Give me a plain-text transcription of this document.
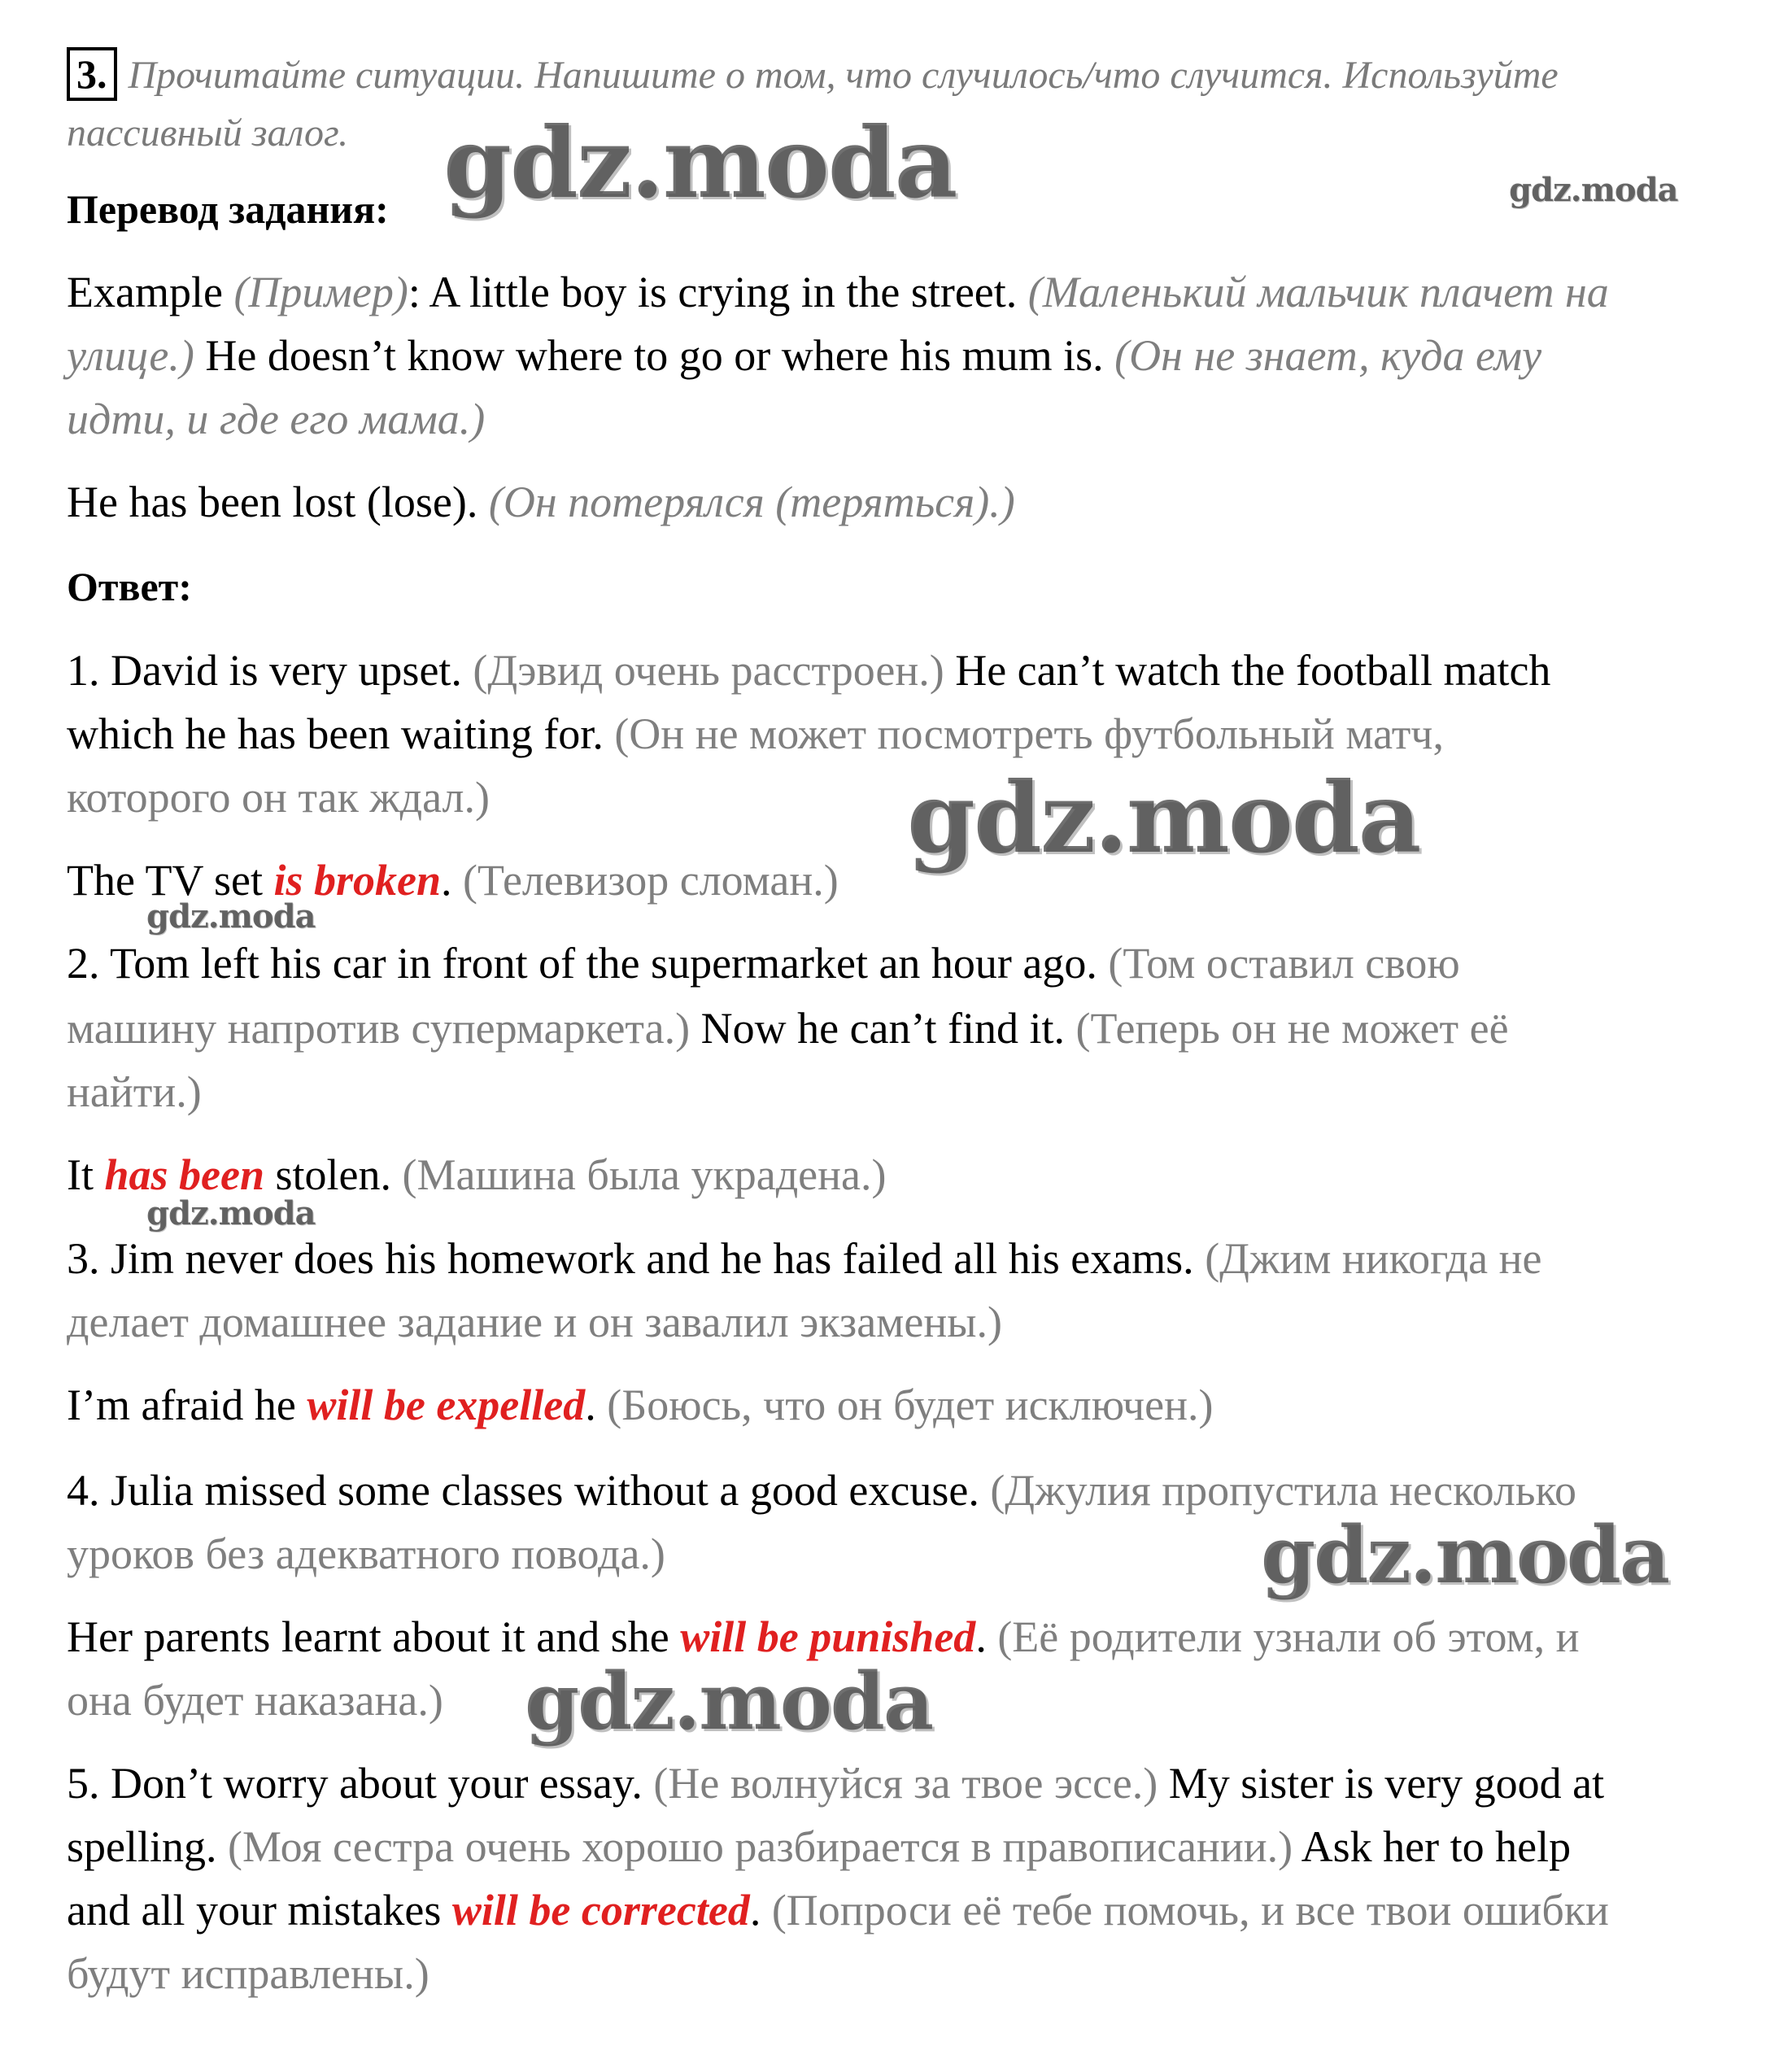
3. Прочитайте ситуации. Напишите о том, что случилось/что случится. Используйте
пассивный залог.
Перевод задания:
Example (Пример): A little boy is crying in the street. (Маленький мальчик плачет на
улице.) He doesn’t know where to go or where his mum is. (Он не знает, куда ему
идти, и где его мама.)
He has been lost (lose). (Он потерялся (теряться).)
Ответ:
1. David is very upset. (Дэвид очень расстроен.) He can’t watch the football match
which he has been waiting for. (Он не может посмотреть футбольный матч,
которого он так ждал.)
The TV set is broken. (Телевизор сломан.)
2. Tom left his car in front of the supermarket an hour ago. (Том оставил свою
машину напротив супермаркета.) Now he can’t find it. (Теперь он не может её
найти.)
It has been stolen. (Машина была украдена.)
3. Jim never does his homework and he has failed all his exams. (Джим никогда не
делает домашнее задание и он завалил экзамены.)
I’m afraid he will be expelled. (Боюсь, что он будет исключен.)
4. Julia missed some classes without a good excuse. (Джулия пропустила несколько
уроков без адекватного повода.)
Her parents learnt about it and she will be punished. (Её родители узнали об этом, и
она будет наказана.)
5. Don’t worry about your essay. (Не волнуйся за твое эссе.) My sister is very good at
spelling. (Моя сестра очень хорошо разбирается в правописании.) Ask her to help
and all your mistakes will be corrected. (Попроси её тебе помочь, и все твои ошибки
будут исправлены.)
gdz.moda	gdz.moda
gdz.moda
gdz.moda
gdz.moda
gdz.moda
gdz.moda
